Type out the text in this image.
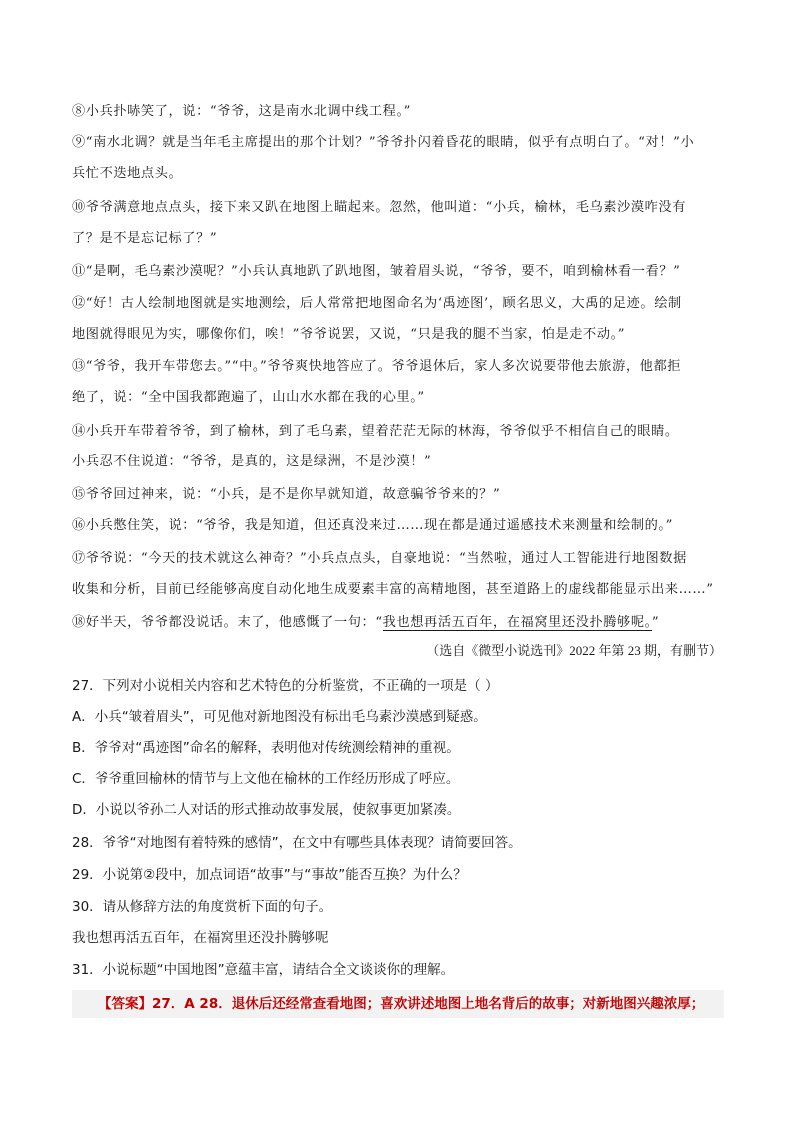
⑧小兵扑哧笑了，说：“爷爷，这是南水北调中线工程。”
⑨“南水北调？就是当年毛主席提出的那个计划？”爷爷扑闪着昏花的眼睛，似乎有点明白了。“对！”小
兵忙不迭地点头。
⑩爷爷满意地点点头，接下来又趴在地图上瞄起来。忽然，他叫道：“小兵，榆林，毛乌素沙漠咋没有
了？是不是忘记标了？”
⑪“是啊，毛乌素沙漠呢？”小兵认真地趴了趴地图，皱着眉头说，“爷爷，要不，咱到榆林看一看？”
⑫“好！古人绘制地图就是实地测绘，后人常常把地图命名为‘禹迹图’，顾名思义，大禹的足迹。绘制
地图就得眼见为实，哪像你们，唉！”爷爷说罢，又说，“只是我的腿不当家，怕是走不动。”
⑬“爷爷，我开车带您去。”“中。”爷爷爽快地答应了。爷爷退休后，家人多次说要带他去旅游，他都拒
绝了，说：“全中国我都跑遍了，山山水水都在我的心里。”
⑭小兵开车带着爷爷，到了榆林，到了毛乌素，望着茫茫无际的林海，爷爷似乎不相信自己的眼睛。
小兵忍不住说道：“爷爷，是真的，这是绿洲，不是沙漠！”
⑮爷爷回过神来，说：“小兵，是不是你早就知道，故意骗爷爷来的？”
⑯小兵憋住笑，说：“爷爷，我是知道，但还真没来过……现在都是通过遥感技术来测量和绘制的。”
⑰爷爷说：“今天的技术就这么神奇？”小兵点点头，自豪地说：“当然啦，通过人工智能进行地图数据
收集和分析，目前已经能够高度自动化地生成要素丰富的高精地图，甚至道路上的虚线都能显示出来……”
⑱好半天，爷爷都没说话。末了，他感慨了一句：“我也想再活五百年，在福窝里还没扑腾够呢。”
（选自《微型小说选刊》2022 年第 23 期，有删节）
27．下列对小说相关内容和艺术特色的分析鉴赏，不正确的一项是（ ）
A．小兵“皱着眉头”，可见他对新地图没有标出毛乌素沙漠感到疑惑。
B．爷爷对“禹迹图”命名的解释，表明他对传统测绘精神的重视。
C．爷爷重回榆林的情节与上文他在榆林的工作经历形成了呼应。
D．小说以爷孙二人对话的形式推动故事发展，使叙事更加紧凑。
28．爷爷“对地图有着特殊的感情”，在文中有哪些具体表现？请简要回答。
29．小说第②段中，加点词语“故事”与“事故”能否互换？为什么？
30．请从修辞方法的角度赏析下面的句子。
我也想再活五百年，在福窝里还没扑腾够呢
31．小说标题“中国地图”意蕴丰富，请结合全文谈谈你的理解。
【答案】27．A 28．退休后还经常查看地图；喜欢讲述地图上地名背后的故事；对新地图兴趣浓厚；
